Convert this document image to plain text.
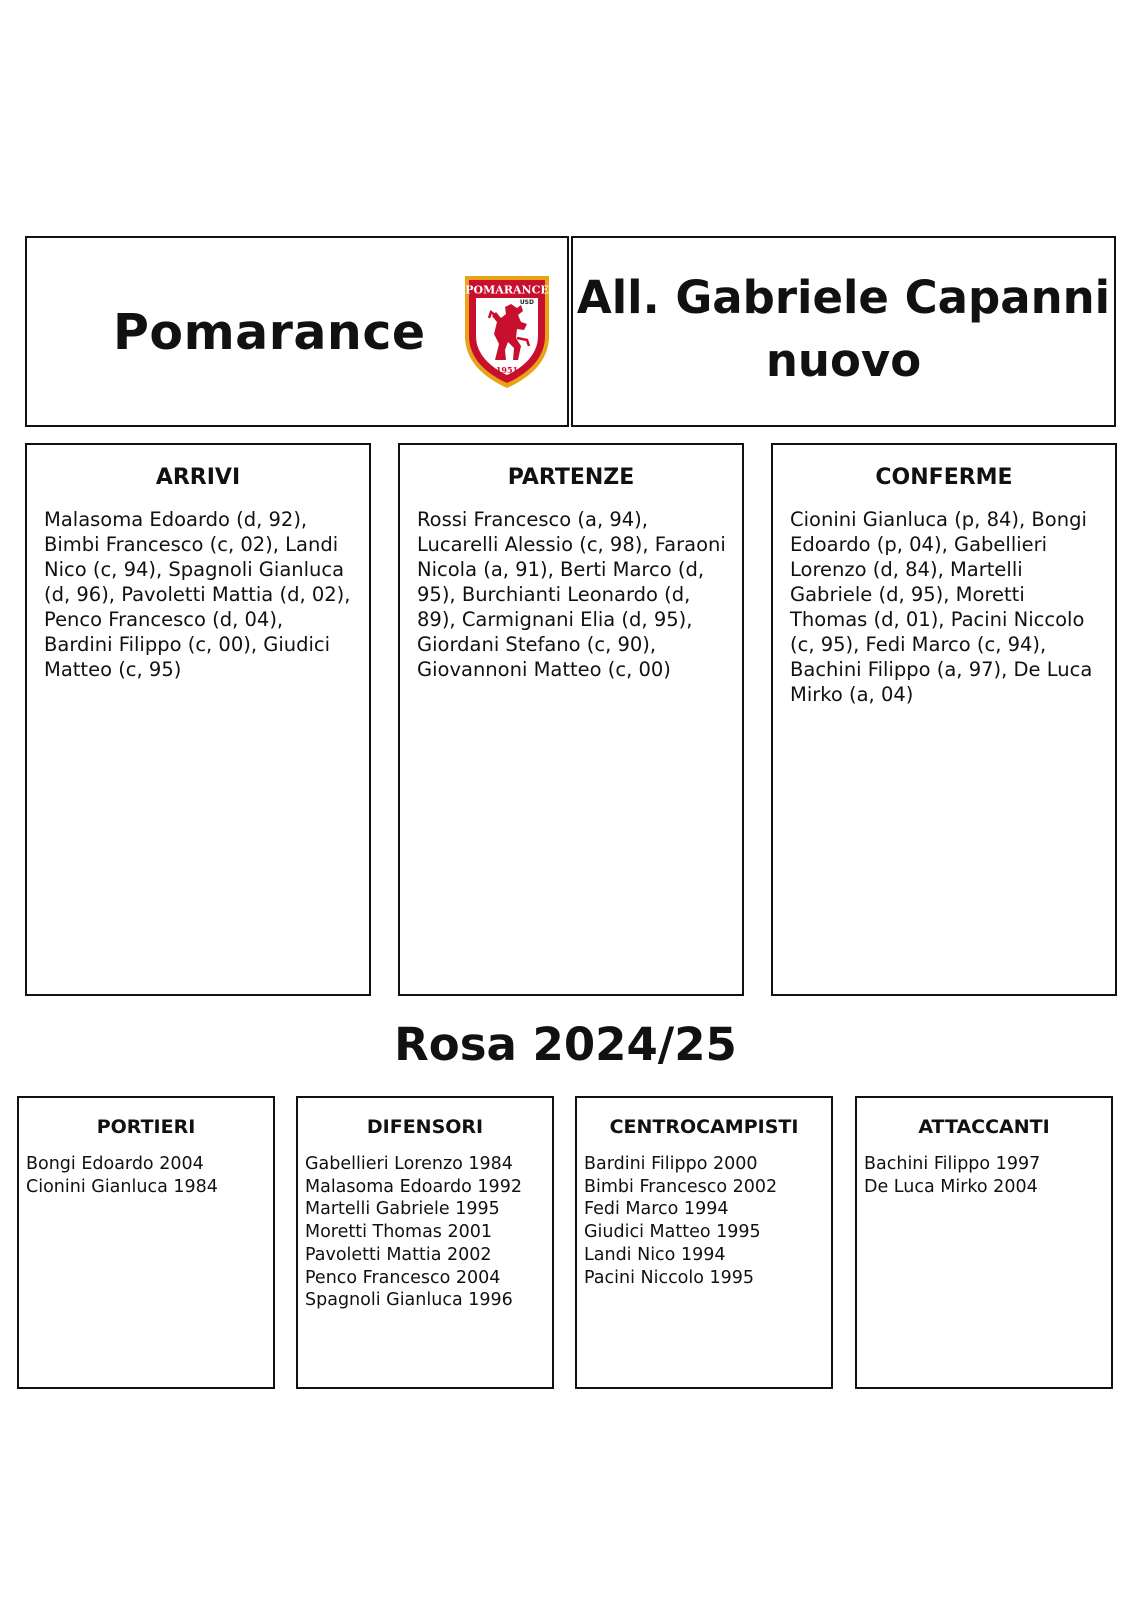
Pomarance
POMARANCE
USD
1951
All. Gabriele Capanni
nuovo
ARRIVI

Malasoma Edoardo (d, 92), Bimbi Francesco (c, 02), Landi Nico (c, 94), Spagnoli Gianluca (d, 96), Pavoletti Mattia (d, 02), Penco Francesco (d, 04), Bardini Filippo (c, 00), Giudici Matteo (c, 95)

PARTENZE

Rossi Francesco (a, 94), Lucarelli Alessio (c, 98), Faraoni Nicola (a, 91), Berti Marco (d, 95), Burchianti Leonardo (d, 89), Carmignani Elia (d, 95), Giordani Stefano (c, 90), Giovannoni Matteo (c, 00)

CONFERME

Cionini Gianluca (p, 84), Bongi Edoardo (p, 04), Gabellieri Lorenzo (d, 84), Martelli Gabriele (d, 95), Moretti Thomas (d, 01), Pacini Niccolo (c, 95), Fedi Marco (c, 94), Bachini Filippo (a, 97), De Luca Mirko (a, 04)

Rosa 2024/25
PORTIERI
Bongi Edoardo 2004
Cionini Gianluca 1984
DIFENSORI
Gabellieri Lorenzo 1984
Malasoma Edoardo 1992
Martelli Gabriele 1995
Moretti Thomas 2001
Pavoletti Mattia 2002
Penco Francesco 2004
Spagnoli Gianluca 1996
CENTROCAMPISTI
Bardini Filippo 2000
Bimbi Francesco 2002
Fedi Marco 1994
Giudici Matteo 1995
Landi Nico 1994
Pacini Niccolo 1995
ATTACCANTI
Bachini Filippo 1997
De Luca Mirko 2004
